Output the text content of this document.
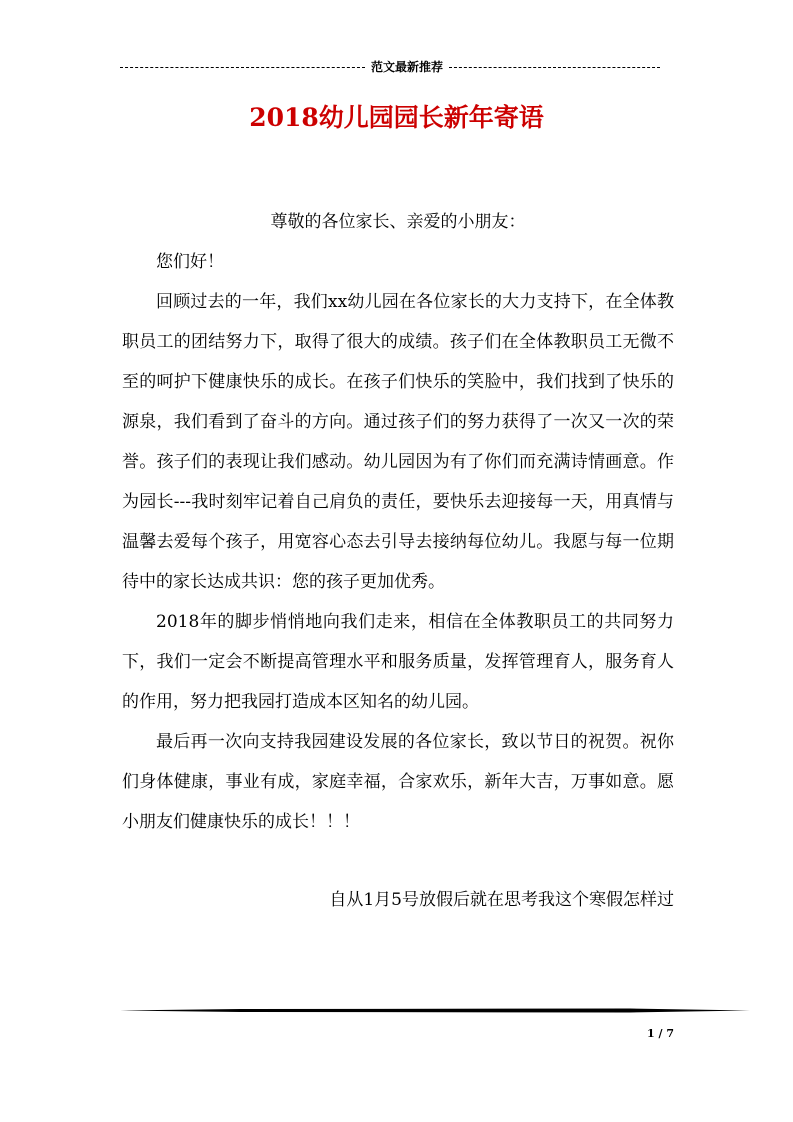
范文最新推荐
2018幼儿园园长新年寄语

尊敬的各位家长、亲爱的小朋友：

您们好！

回顾过去的一年，我们xx幼儿园在各位家长的大力支持下，在全体教职员工的团结努力下，取得了很大的成绩。孩子们在全体教职员工无微不至的呵护下健康快乐的成长。在孩子们快乐的笑脸中，我们找到了快乐的源泉，我们看到了奋斗的方向。通过孩子们的努力获得了一次又一次的荣誉。孩子们的表现让我们感动。幼儿园因为有了你们而充满诗情画意。作为园长---我时刻牢记着自己肩负的责任，要快乐去迎接每一天，用真情与温馨去爱每个孩子，用宽容心态去引导去接纳每位幼儿。我愿与每一位期待中的家长达成共识：您的孩子更加优秀。

2018年的脚步悄悄地向我们走来，相信在全体教职员工的共同努力下，我们一定会不断提高管理水平和服务质量，发挥管理育人，服务育人的作用，努力把我园打造成本区知名的幼儿园。

最后再一次向支持我园建设发展的各位家长，致以节日的祝贺。祝你们身体健康，事业有成，家庭幸福，合家欢乐，新年大吉，万事如意。愿小朋友们健康快乐的成长！！！

自从1月5号放假后就在思考我这个寒假怎样过

1 / 7
